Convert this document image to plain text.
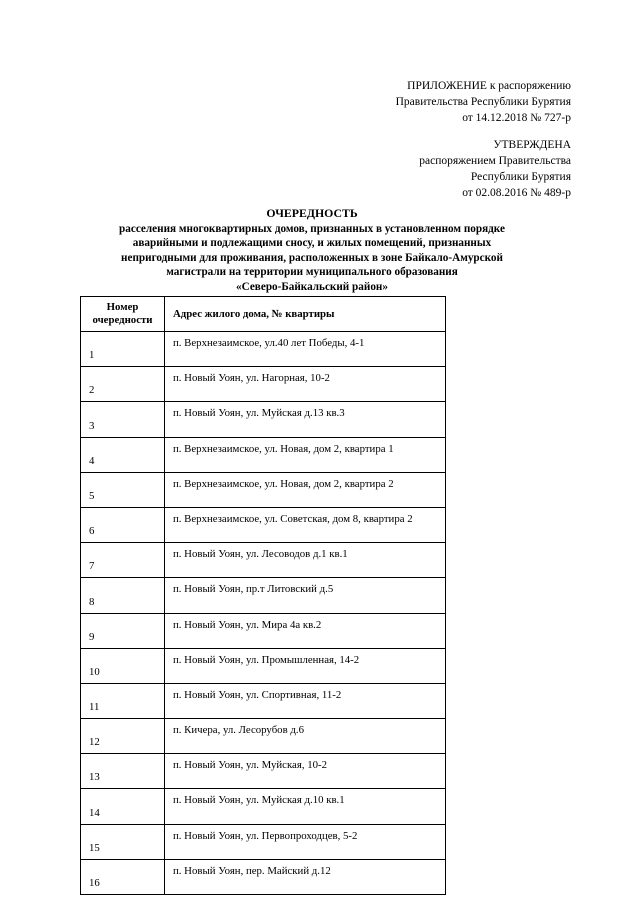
ПРИЛОЖЕНИЕ к распоряжению
Правительства Республики Бурятия
от 14.12.2018 № 727-р
УТВЕРЖДЕНА
распоряжением Правительства
Республики Бурятия
от 02.08.2016 № 489-р
ОЧЕРЕДНОСТЬ
расселения многоквартирных домов, признанных в установленном порядке
аварийными и подлежащими сносу, и жилых помещений, признанных
непригодными для проживания, расположенных в зоне Байкало-Амурской
магистрали на территории муниципального образования
«Северо-Байкальский район»
Номер
очередности	Адрес жилого дома, № квартиры
1	п. Верхнезаимское, ул.40 лет Победы, 4-1
2	п. Новый Уоян, ул. Нагорная, 10-2
3	п. Новый Уоян, ул. Муйская д.13 кв.3
4	п. Верхнезаимское, ул. Новая, дом 2, квартира 1
5	п. Верхнезаимское, ул. Новая, дом 2, квартира 2
6	п. Верхнезаимское, ул. Советская, дом 8, квартира 2
7	п. Новый Уоян, ул. Лесоводов д.1 кв.1
8	п. Новый Уоян, пр.т Литовский д.5
9	п. Новый Уоян, ул. Мира 4а кв.2
10	п. Новый Уоян, ул. Промышленная, 14-2
11	п. Новый Уоян, ул. Спортивная, 11-2
12	п. Кичера, ул. Лесорубов д.6
13	п. Новый Уоян, ул. Муйская, 10-2
14	п. Новый Уоян, ул. Муйская д.10 кв.1
15	п. Новый Уоян, ул. Первопроходцев, 5-2
16	п. Новый Уоян, пер. Майский д.12
